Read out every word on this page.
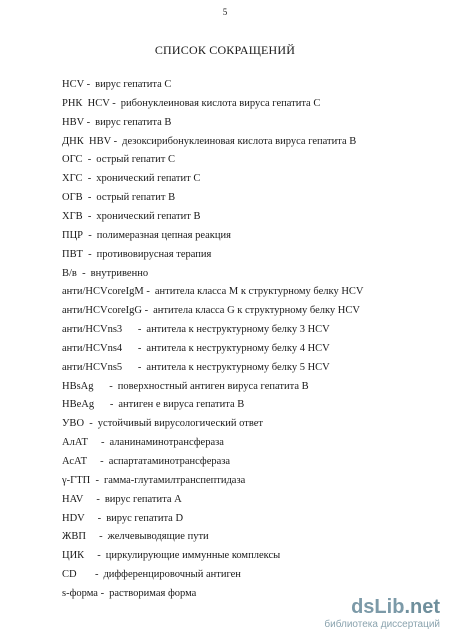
5
СПИСОК СОКРАЩЕНИЙ
HCV - вирус гепатита С
РНК  HCV - рибонуклеиновая кислота вируса гепатита С
HBV - вирус гепатита В
ДНК  HBV - дезоксирибонуклеиновая кислота вируса гепатита В
ОГС  - острый гепатит С
ХГС  - хронический гепатит С
ОГВ  - острый гепатит В
ХГВ  - хронический гепатит В
ПЦР  - полимеразная цепная реакция
ПВТ  - противовирусная терапия
В/в  - внутривенно
анти/HCVcoreIgM - антитела класса М к структурному белку HCV
анти/HCVcoreIgG - антитела класса G к структурному белку HCV
анти/HCVns3      - антитела к неструктурному белку 3 HCV
анти/HCVns4      - антитела к неструктурному белку 4 HCV
анти/HCVns5      - антитела к неструктурному белку 5 HCV
HBsAg      - поверхностный антиген вируса гепатита В
HBeAg      - антиген е вируса гепатита В
УВО  - устойчивый вирусологический ответ
АлАТ     - аланинаминотрансфераза
АсАТ     - аспартатаминотрансфераза
γ-ГТП  - гамма-глутамилтранспептидаза
HAV     - вирус гепатита А
HDV     - вирус гепатита D
ЖВП     - желчевыводящие пути
ЦИК     - циркулирующие иммунные комплексы
CD       - дифференцировочный антиген
s-форма - растворимая форма
dsLib.net
библиотека диссертаций
